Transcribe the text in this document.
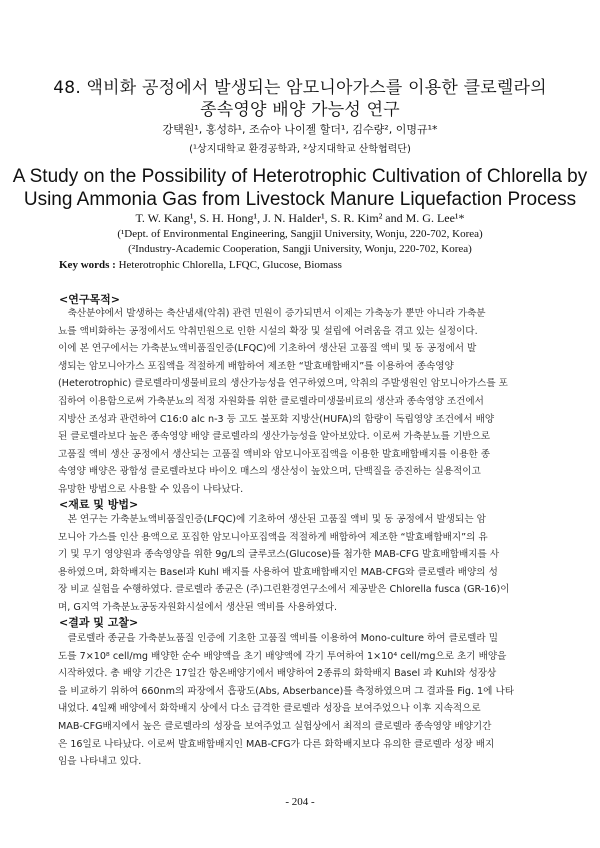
48. 액비화 공정에서 발생되는 암모니아가스를 이용한 클로렐라의
종속영양 배양 가능성 연구
강택원¹, 홍성하¹, 조슈아 나이젤 할더¹, 김수량², 이명규¹*
(¹상지대학교 환경공학과, ²상지대학교 산학협력단)
A Study on the Possibility of Heterotrophic Cultivation of Chlorella by
Using Ammonia Gas from Livestock Manure Liquefaction Process
T. W. Kang¹, S. H. Hong¹, J. N. Halder¹, S. R. Kim² and M. G. Lee¹*
(¹Dept. of Environmental Engineering, Sangjil University, Wonju, 220-702, Korea)
(²Industry-Academic Cooperation, Sangji University, Wonju, 220-702, Korea)
Key words : Heterotrophic Chlorella, LFQC, Glucose, Biomass
<연구목적>
　축산분야에서 발생하는 축산냄새(악취) 관련 민원이 증가되면서 이제는 가축농가 뿐만 아니라 가축분
뇨를 액비화하는 공정에서도 악취민원으로 인한 시설의 확장 및 설립에 어려움을 겪고 있는 실정이다.
이에 본 연구에서는 가축분뇨액비품질인증(LFQC)에 기초하여 생산된 고품질 액비 및 동 공정에서 발
생되는 암모니아가스 포집액을 적절하게 배합하여 제조한 “발효배합배지”를 이용하여 종속영양
(Heterotrophic) 클로렐라미생물비료의 생산가능성을 연구하였으며, 악취의 주발생원인 암모니아가스를 포
집하여 이용함으로써 가축분뇨의 적정 자원화를 위한 클로렐라미생물비료의 생산과 종속영양 조건에서
지방산 조성과 관련하여 C16:0 alc n-3 등 고도 불포화 지방산(HUFA)의 함량이 독립영양 조건에서 배양
된 클로렐라보다 높은 종속영양 배양 클로렐라의 생산가능성을 알아보았다. 이로써 가축분뇨를 기반으로
고품질 액비 생산 공정에서 생산되는 고품질 액비와 암모니아포집액을 이용한 발효배합배지를 이용한 종
속영양 배양은 광합성 클로렐라보다 바이오 매스의 생산성이 높았으며, 단백질을 증진하는 실용적이고
유망한 방법으로 사용할 수 있음이 나타났다.
<재료 및 방법>
　본 연구는 가축분뇨액비품질인증(LFQC)에 기초하여 생산된 고품질 액비 및 동 공정에서 발생되는 암
모니아 가스를 인산 용액으로 포집한 암모니아포집액을 적절하게 배합하여 제조한 “발효배합배지”의 유
기 및 무기 영양원과 종속영양을 위한 9g/L의 글루코스(Glucose)를 첨가한 MAB-CFG 발효배합배지를 사
용하였으며, 화학배지는 Basel과 Kuhl 배지를 사용하여 발효배합배지인 MAB-CFG와 클로렐라 배양의 성
장 비교 실험을 수행하였다. 클로렐라 종균은 (주)그린환경연구소에서 제공받은 Chlorella fusca (GR-16)이
며, G지역 가축분뇨공동자원화시설에서 생산된 액비를 사용하였다.
<결과 및 고찰>
　클로렐라 종균을 가축분뇨품질 인증에 기초한 고품질 액비를 이용하여 Mono-culture 하여 클로렐라 밀
도를 7×10⁸ cell/mg 배양한 순수 배양액을 초기 배양액에 각기 투여하여 1×10⁴ cell/mg으로 초기 배양을
시작하였다. 총 배양 기간은 17일간 항온배양기에서 배양하여 2종류의 화학배지 Basel 과 Kuhl와 성장상
을 비교하기 위하여 660nm의 파장에서 흡광도(Abs, Abserbance)를 측정하였으며 그 결과를 Fig. 1에 나타
내었다. 4일째 배양에서 화학배지 상에서 다소 급격한 클로렐라 성장을 보여주었으나 이후 지속적으로
MAB-CFG배지에서 높은 클로렐라의 성장을 보여주었고 실험상에서 최적의 클로렐라 종속영양 배양기간
은 16일로 나타났다. 이로써 발효배합배지인 MAB-CFG가 다른 화학배지보다 유의한 클로렐라 성장 배지
임을 나타내고 있다.
- 204 -
